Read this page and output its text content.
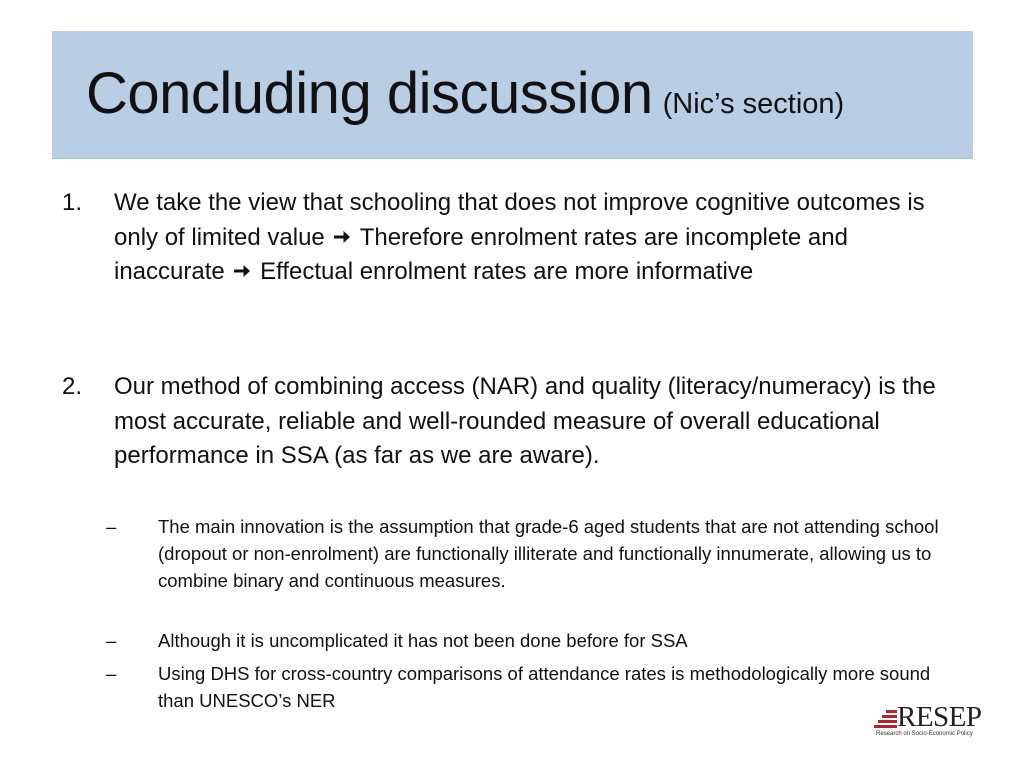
Concluding discussion (Nic’s section)
1. We take the view that schooling that does not improve cognitive outcomes is only of limited value Therefore enrolment rates are incomplete and inaccurate Effectual enrolment rates are more informative
2. Our method of combining access (NAR) and quality (literacy/numeracy) is the most accurate, reliable and well-rounded measure of overall educational performance in SSA (as far as we are aware).
– The main innovation is the assumption that grade-6 aged students that are not attending school (dropout or non-enrolment) are functionally illiterate and functionally innumerate, allowing us to combine binary and continuous measures.
– Although it is uncomplicated it has not been done before for SSA
– Using DHS for cross-country comparisons of attendance rates is methodologically more sound than UNESCO’s NER
RESEP
Research on Socio-Economic Policy
